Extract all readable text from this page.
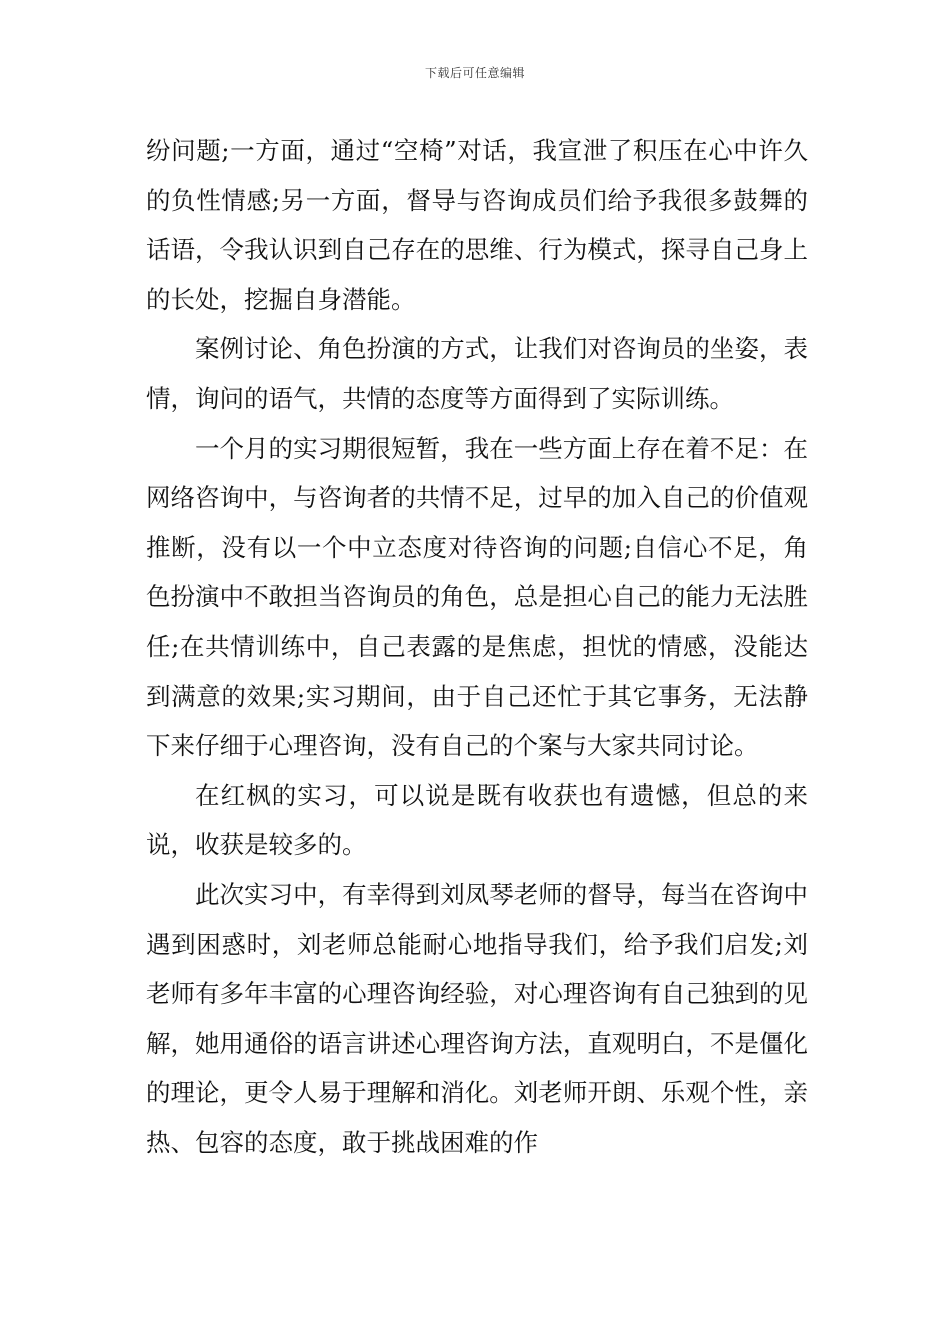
下载后可任意编辑

纷问题;一方面，通过“空椅”对话，我宣泄了积压在心中许久的负性情感;另一方面，督导与咨询成员们给予我很多鼓舞的话语，令我认识到自己存在的思维、行为模式，探寻自己身上的长处，挖掘自身潜能。

案例讨论、角色扮演的方式，让我们对咨询员的坐姿，表情，询问的语气，共情的态度等方面得到了实际训练。

一个月的实习期很短暂，我在一些方面上存在着不足：在网络咨询中，与咨询者的共情不足，过早的加入自己的价值观推断，没有以一个中立态度对待咨询的问题;自信心不足，角色扮演中不敢担当咨询员的角色，总是担心自己的能力无法胜任;在共情训练中，自己表露的是焦虑，担忧的情感，没能达到满意的效果;实习期间，由于自己还忙于其它事务，无法静下来仔细于心理咨询，没有自己的个案与大家共同讨论。

在红枫的实习，可以说是既有收获也有遗憾，但总的来说，收获是较多的。

此次实习中，有幸得到刘凤琴老师的督导，每当在咨询中遇到困惑时，刘老师总能耐心地指导我们，给予我们启发;刘老师有多年丰富的心理咨询经验，对心理咨询有自己独到的见解，她用通俗的语言讲述心理咨询方法，直观明白，不是僵化的理论，更令人易于理解和消化。刘老师开朗、乐观个性，亲热、包容的态度，敢于挑战困难的作
